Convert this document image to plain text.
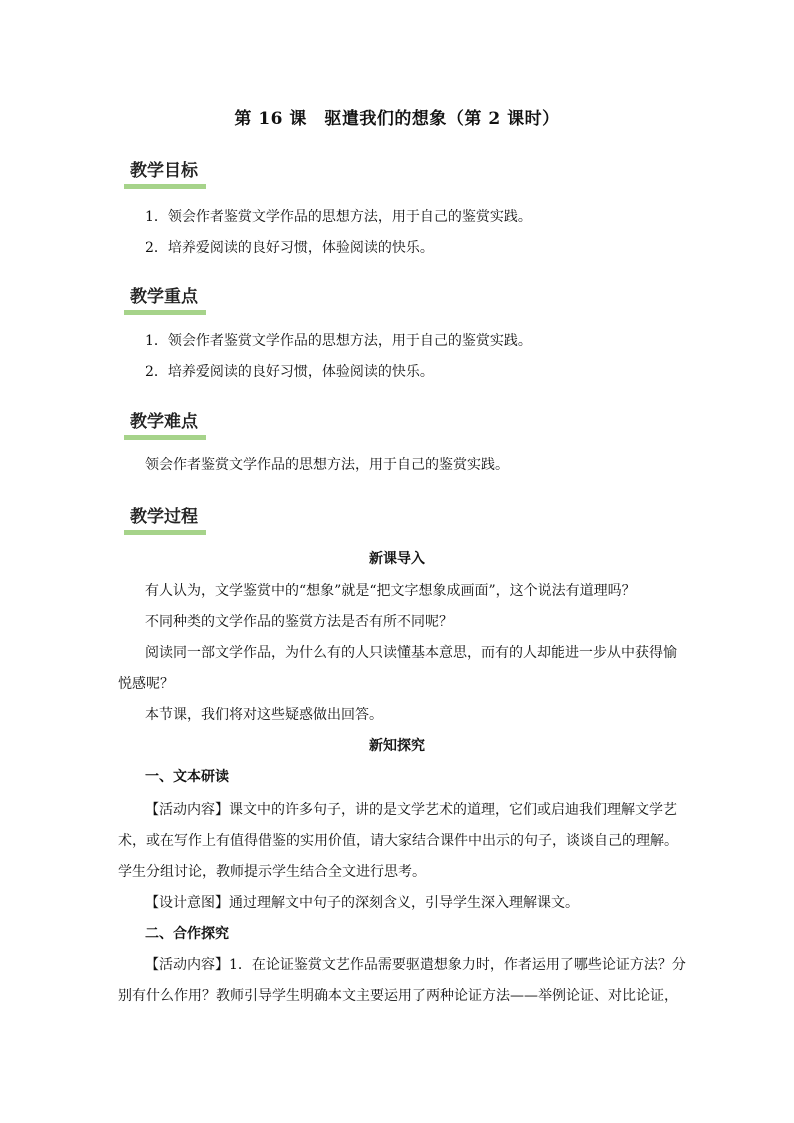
第 16 课　驱遣我们的想象（第 2 课时）
教学目标
1．领会作者鉴赏文学作品的思想方法，用于自己的鉴赏实践。
2．培养爱阅读的良好习惯，体验阅读的快乐。
教学重点
1．领会作者鉴赏文学作品的思想方法，用于自己的鉴赏实践。
2．培养爱阅读的良好习惯，体验阅读的快乐。
教学难点
领会作者鉴赏文学作品的思想方法，用于自己的鉴赏实践。
教学过程
新课导入
有人认为，文学鉴赏中的“想象”就是“把文字想象成画面”，这个说法有道理吗？
不同种类的文学作品的鉴赏方法是否有所不同呢？
阅读同一部文学作品，为什么有的人只读懂基本意思，而有的人却能进一步从中获得愉
悦感呢？
本节课，我们将对这些疑惑做出回答。
新知探究
一、文本研读
【活动内容】课文中的许多句子，讲的是文学艺术的道理，它们或启迪我们理解文学艺
术，或在写作上有值得借鉴的实用价值，请大家结合课件中出示的句子，谈谈自己的理解。
学生分组讨论，教师提示学生结合全文进行思考。
【设计意图】通过理解文中句子的深刻含义，引导学生深入理解课文。
二、合作探究
【活动内容】1．在论证鉴赏文艺作品需要驱遣想象力时，作者运用了哪些论证方法？分
别有什么作用？教师引导学生明确本文主要运用了两种论证方法——举例论证、对比论证，
